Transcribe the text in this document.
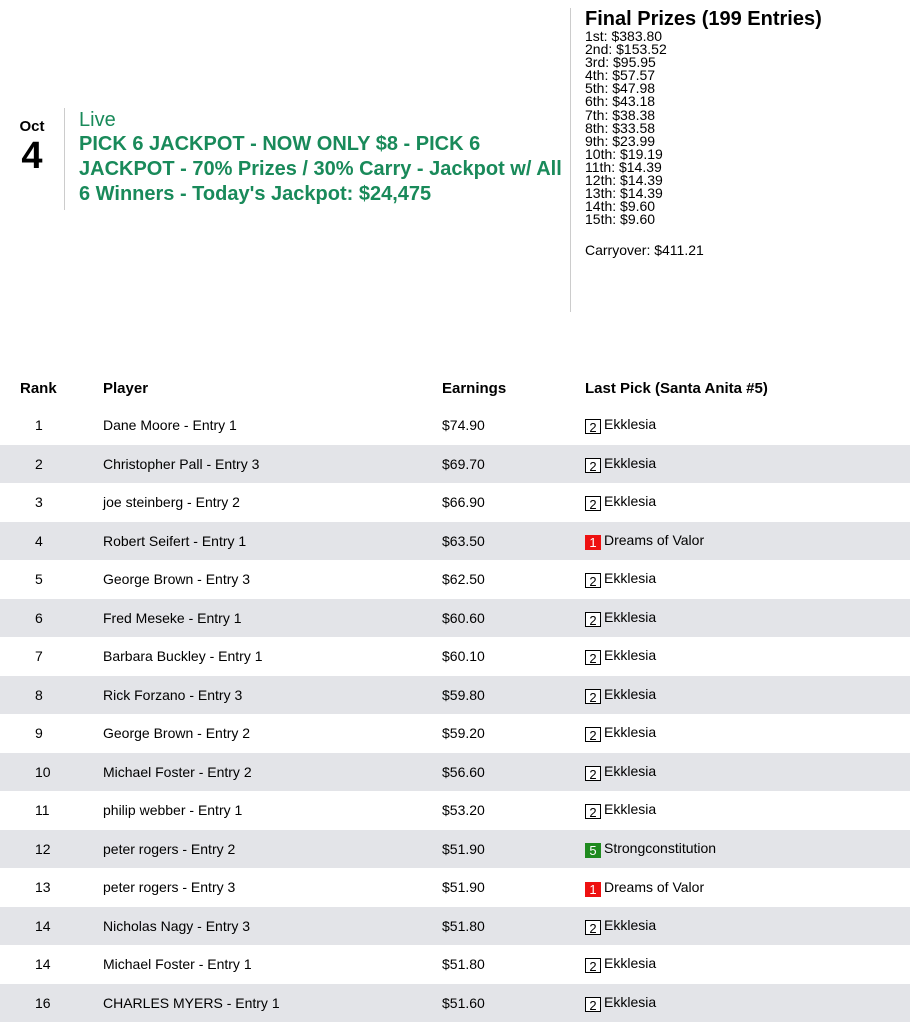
Oct
4
Live
PICK 6 JACKPOT - NOW ONLY $8 - PICK 6 JACKPOT - 70% Prizes / 30% Carry - Jackpot w/ All 6 Winners - Today's Jackpot: $24,475
Final Prizes (199 Entries)
1st: $383.80
2nd: $153.52
3rd: $95.95
4th: $57.57
5th: $47.98
6th: $43.18
7th: $38.38
8th: $33.58
9th: $23.99
10th: $19.19
11th: $14.39
12th: $14.39
13th: $14.39
14th: $9.60
15th: $9.60
Carryover: $411.21
Rank	Player	Earnings	Last Pick (Santa Anita #5)
1	Dane Moore - Entry 1	$74.90	2 Ekklesia

2	Christopher Pall - Entry 3	$69.70	2 Ekklesia

3	joe steinberg - Entry 2	$66.90	2 Ekklesia

4	Robert Seifert - Entry 1	$63.50	1 Dreams of Valor

5	George Brown - Entry 3	$62.50	2 Ekklesia

6	Fred Meseke - Entry 1	$60.60	2 Ekklesia

7	Barbara Buckley - Entry 1	$60.10	2 Ekklesia

8	Rick Forzano - Entry 3	$59.80	2 Ekklesia

9	George Brown - Entry 2	$59.20	2 Ekklesia

10	Michael Foster - Entry 2	$56.60	2 Ekklesia

11	philip webber - Entry 1	$53.20	2 Ekklesia

12	peter rogers - Entry 2	$51.90	5 Strongconstitution

13	peter rogers - Entry 3	$51.90	1 Dreams of Valor

14	Nicholas Nagy - Entry 3	$51.80	2 Ekklesia

14	Michael Foster - Entry 1	$51.80	2 Ekklesia

16	CHARLES MYERS - Entry 1	$51.60	2 Ekklesia
